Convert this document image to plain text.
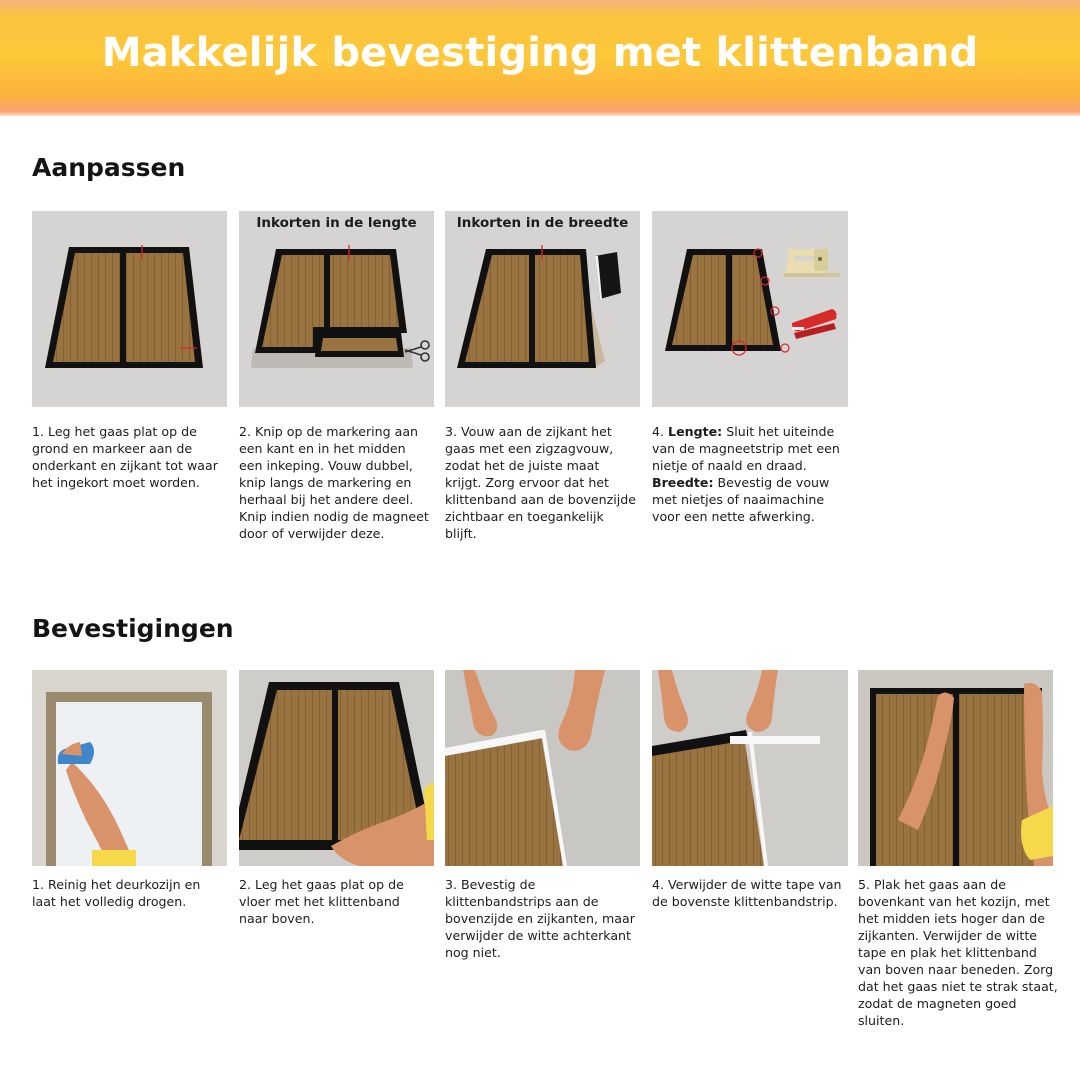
Makkelijk bevestiging met klittenband
Aanpassen
Inkorten in de lengte	Inkorten in de breedte
1. Leg het gaas plat op de grond en markeer aan de onderkant en zijkant tot waar het ingekort moet worden.
2. Knip op de markering aan een kant en in het midden een inkeping. Vouw dubbel, knip langs de markering en herhaal bij het andere deel. Knip indien nodig de magneet door of verwijder deze.
3. Vouw aan de zijkant het gaas met een zigzagvouw, zodat het de juiste maat krijgt. Zorg ervoor dat het klittenband aan de bovenzijde zichtbaar en toegankelijk blijft.
4. Lengte: Sluit het uiteinde van de magneetstrip met een nietje of naald en draad.
Breedte: Bevestig de vouw met nietjes of naaimachine voor een nette afwerking.
Bevestigingen
1. Reinig het deurkozijn en laat het volledig drogen.
2. Leg het gaas plat op de vloer met het klittenband naar boven.
3. Bevestig de klittenbandstrips aan de bovenzijde en zijkanten, maar verwijder de witte achterkant nog niet.
4. Verwijder de witte tape van de bovenste klittenbandstrip.
5. Plak het gaas aan de bovenkant van het kozijn, met het midden iets hoger dan de zijkanten. Verwijder de witte tape en plak het klittenband van boven naar beneden. Zorg dat het gaas niet te strak staat, zodat de magneten goed sluiten.
